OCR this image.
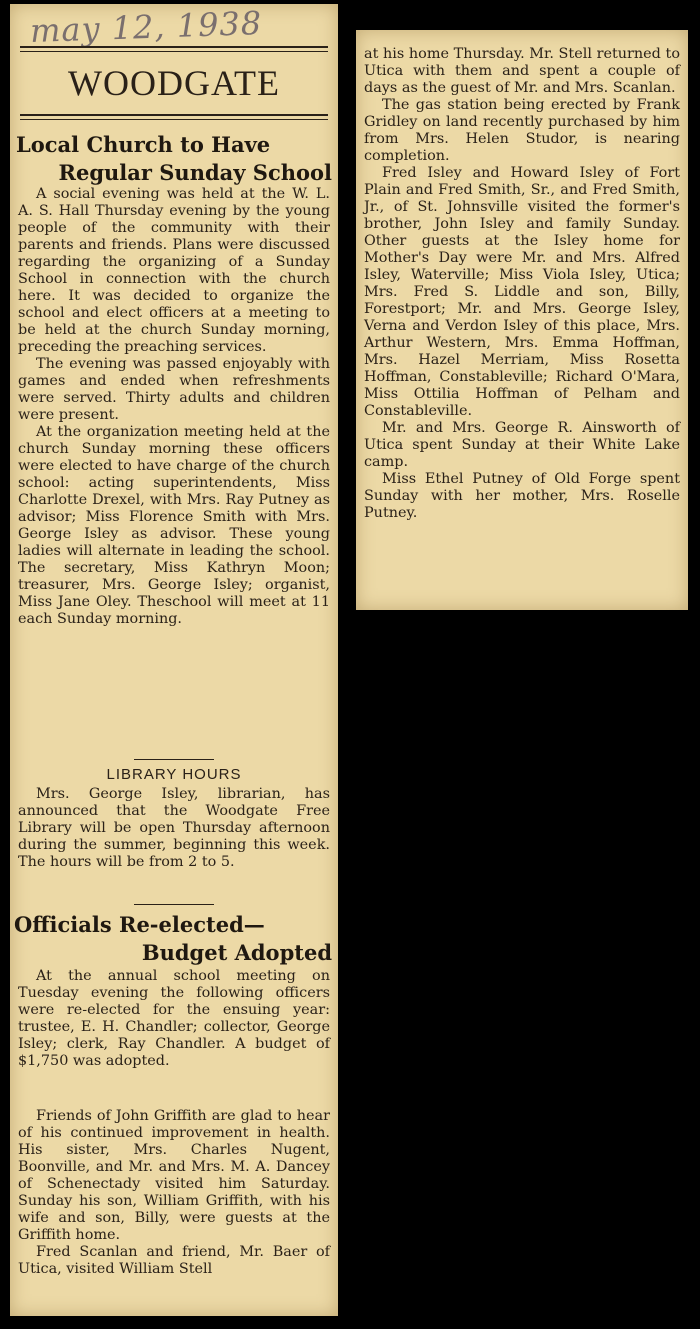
may 12, 1938
WOODGATE
Local Church to Have
Regular Sunday School

A social evening was held at the W. L. A. S. Hall Thursday evening by the young people of the community with their parents and friends. Plans were discussed regarding the organizing of a Sunday School in connection with the church here. It was decided to organize the school and elect officers at a meeting to be held at the church Sunday morning, preceding the preaching services.

The evening was passed enjoyably with games and ended when refreshments were served. Thirty adults and children were present.

At the organization meeting held at the church Sunday morning these officers were elected to have charge of the church school: acting superintendents, Miss Charlotte Drexel, with Mrs. Ray Putney as advisor; Miss Florence Smith with Mrs. George Isley as advisor. These young ladies will alternate in leading the school. The secretary, Miss Kathryn Moon; treasurer, Mrs. George Isley; organist, Miss Jane Oley. Theschool will meet at 11 each Sunday morning.

LIBRARY HOURS

Mrs. George Isley, librarian, has announced that the Woodgate Free Library will be open Thursday afternoon during the summer, beginning this week. The hours will be from 2 to 5.

Officials Re-elected—
Budget Adopted

At the annual school meeting on Tuesday evening the following officers were re-elected for the ensuing year: trustee, E. H. Chandler; collector, George Isley; clerk, Ray Chandler. A budget of $1,750 was adopted.

Friends of John Griffith are glad to hear of his continued improvement in health. His sister, Mrs. Charles Nugent, Boonville, and Mr. and Mrs. M. A. Dancey of Schenectady visited him Saturday. Sunday his son, William Griffith, with his wife and son, Billy, were guests at the Griffith home.

Fred Scanlan and friend, Mr. Baer of Utica, visited William Stell

at his home Thursday. Mr. Stell returned to Utica with them and spent a couple of days as the guest of Mr. and Mrs. Scanlan.

The gas station being erected by Frank Gridley on land recently purchased by him from Mrs. Helen Studor, is nearing completion.

Fred Isley and Howard Isley of Fort Plain and Fred Smith, Sr., and Fred Smith, Jr., of St. Johnsville visited the former's brother, John Isley and family Sunday. Other guests at the Isley home for Mother's Day were Mr. and Mrs. Alfred Isley, Waterville; Miss Viola Isley, Utica; Mrs. Fred S. Liddle and son, Billy, Forestport; Mr. and Mrs. George Isley, Verna and Verdon Isley of this place, Mrs. Arthur Western, Mrs. Emma Hoffman, Mrs. Hazel Merriam, Miss Rosetta Hoffman, Constableville; Richard O'Mara, Miss Ottilia Hoffman of Pelham and Constableville.

Mr. and Mrs. George R. Ainsworth of Utica spent Sunday at their White Lake camp.

Miss Ethel Putney of Old Forge spent Sunday with her mother, Mrs. Roselle Putney.
